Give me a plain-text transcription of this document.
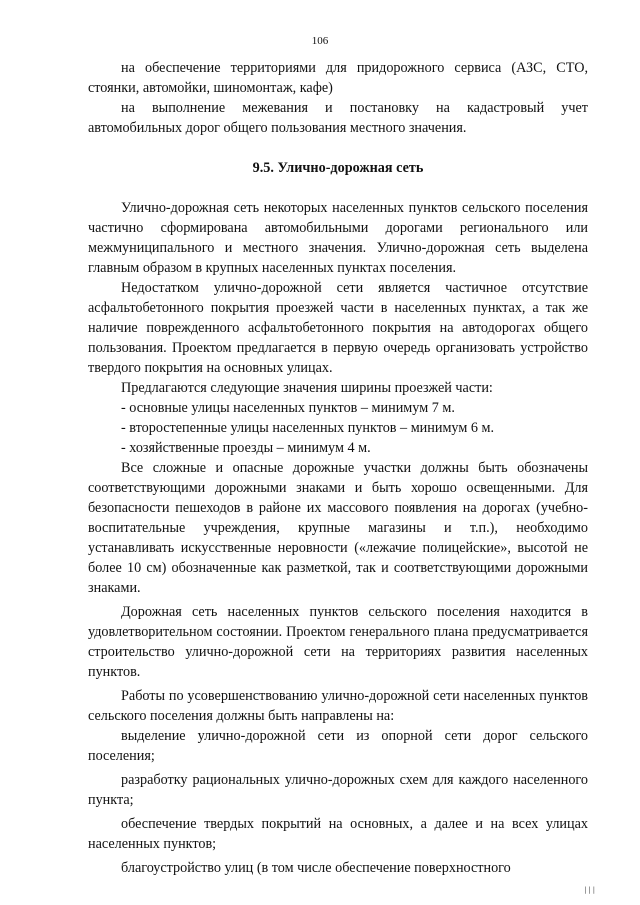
106

на обеспечение территориями для придорожного сервиса (АЗС, СТО, стоянки, автомойки, шиномонтаж, кафе)

на выполнение межевания и постановку на кадастровый учет автомобильных дорог общего пользования местного значения.

9.5. Улично-дорожная сеть

Улично-дорожная сеть некоторых населенных пунктов сельского поселения частично сформирована автомобильными дорогами регионального или межмуниципального и местного значения. Улично-дорожная сеть выделена главным образом в крупных населенных пунктах поселения.

Недостатком улично-дорожной сети является частичное отсутствие асфальтобетонного покрытия проезжей части в населенных пунктах, а так же наличие поврежденного асфальтобетонного покрытия на автодорогах общего пользования. Проектом предлагается в первую очередь организовать устройство твердого покрытия на основных улицах.

Предлагаются следующие значения ширины проезжей части:

- основные улицы населенных пунктов – минимум 7 м.

- второстепенные улицы населенных пунктов – минимум 6 м.

- хозяйственные проезды – минимум 4 м.

Все сложные и опасные дорожные участки должны быть обозначены соответствующими дорожными знаками и быть хорошо освещенными. Для безопасности пешеходов в районе их массового появления на дорогах (учебно-воспитательные учреждения, крупные магазины и т.п.), необходимо устанавливать искусственные неровности («лежачие полицейские», высотой не более 10 см) обозначенные как разметкой, так и соответствующими дорожными знаками.

Дорожная сеть населенных пунктов сельского поселения находится в удовлетворительном состоянии. Проектом генерального плана предусматривается строительство улично-дорожной сети на территориях развития населенных пунктов.

Работы по усовершенствованию улично-дорожной сети населенных пунктов сельского поселения должны быть направлены на:

выделение улично-дорожной сети из опорной сети дорог сельского поселения;

разработку рациональных улично-дорожных схем для каждого населенного пункта;

обеспечение твердых покрытий на основных, а далее и на всех улицах населенных пунктов;

благоустройство улиц (в том числе обеспечение поверхностного

|||
